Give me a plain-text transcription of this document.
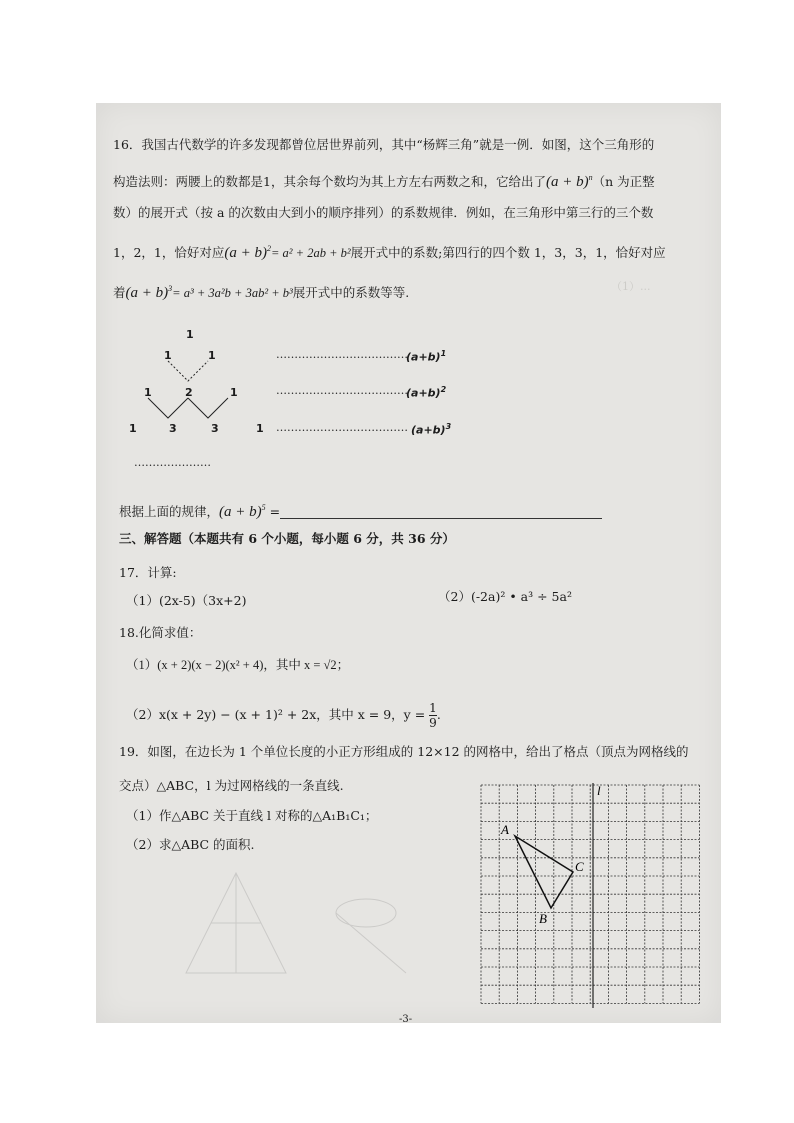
（1）...
16．我国古代数学的许多发现都曾位居世界前列，其中“杨辉三角”就是一例．如图，这个三角形的
构造法则：两腰上的数都是1，其余每个数均为其上方左右两数之和，它给出了$(a + b)^n(n$ 为正整
数）的展开式（按 a 的次数由大到小的顺序排列）的系数规律．例如，在三角形中第三行的三个数
1，2，1，恰好对应$(a + b)^2= a^2 + 2ab + b^2$展开式中的系数;第四行的四个数 1，3，3，1，恰好对应
着$(a + b)^3= a^3 + 3a^2b + 3ab^2 + b^3$展开式中的系数等等.
1
1	1
1	2	1
1	3	3	1
………………………………
$(a+b)^1$
………………………………
$(a+b)^2$
……………………………… $(a+b)^3$
…………………
根据上面的规律，$(a + b)^5$ =
三、解答题（本题共有 6 个小题，每小题 6 分，共 36 分）
17．计算:
（1）(2x-5)（3x+2)	（2）(-2a)² • a³ ÷ 5a²
18.化简求值：
（1）(x + 2)(x − 2)(x² + 4)，其中 x = √2；
（2）x(x + 2y) − (x + 1)² + 2x，其中 x = 9，$y = \frac{1}{9}$ .
19．如图，在边长为 1 个单位长度的小正方形组成的 12×12 的网格中，给出了格点（顶点为网格线的
交点）△ABC，l 为过网格线的一条直线.
（1）作△ABC 关于直线 l 对称的△A₁B₁C₁；
（2）求△ABC 的面积.
l
A
C
B
-3-
